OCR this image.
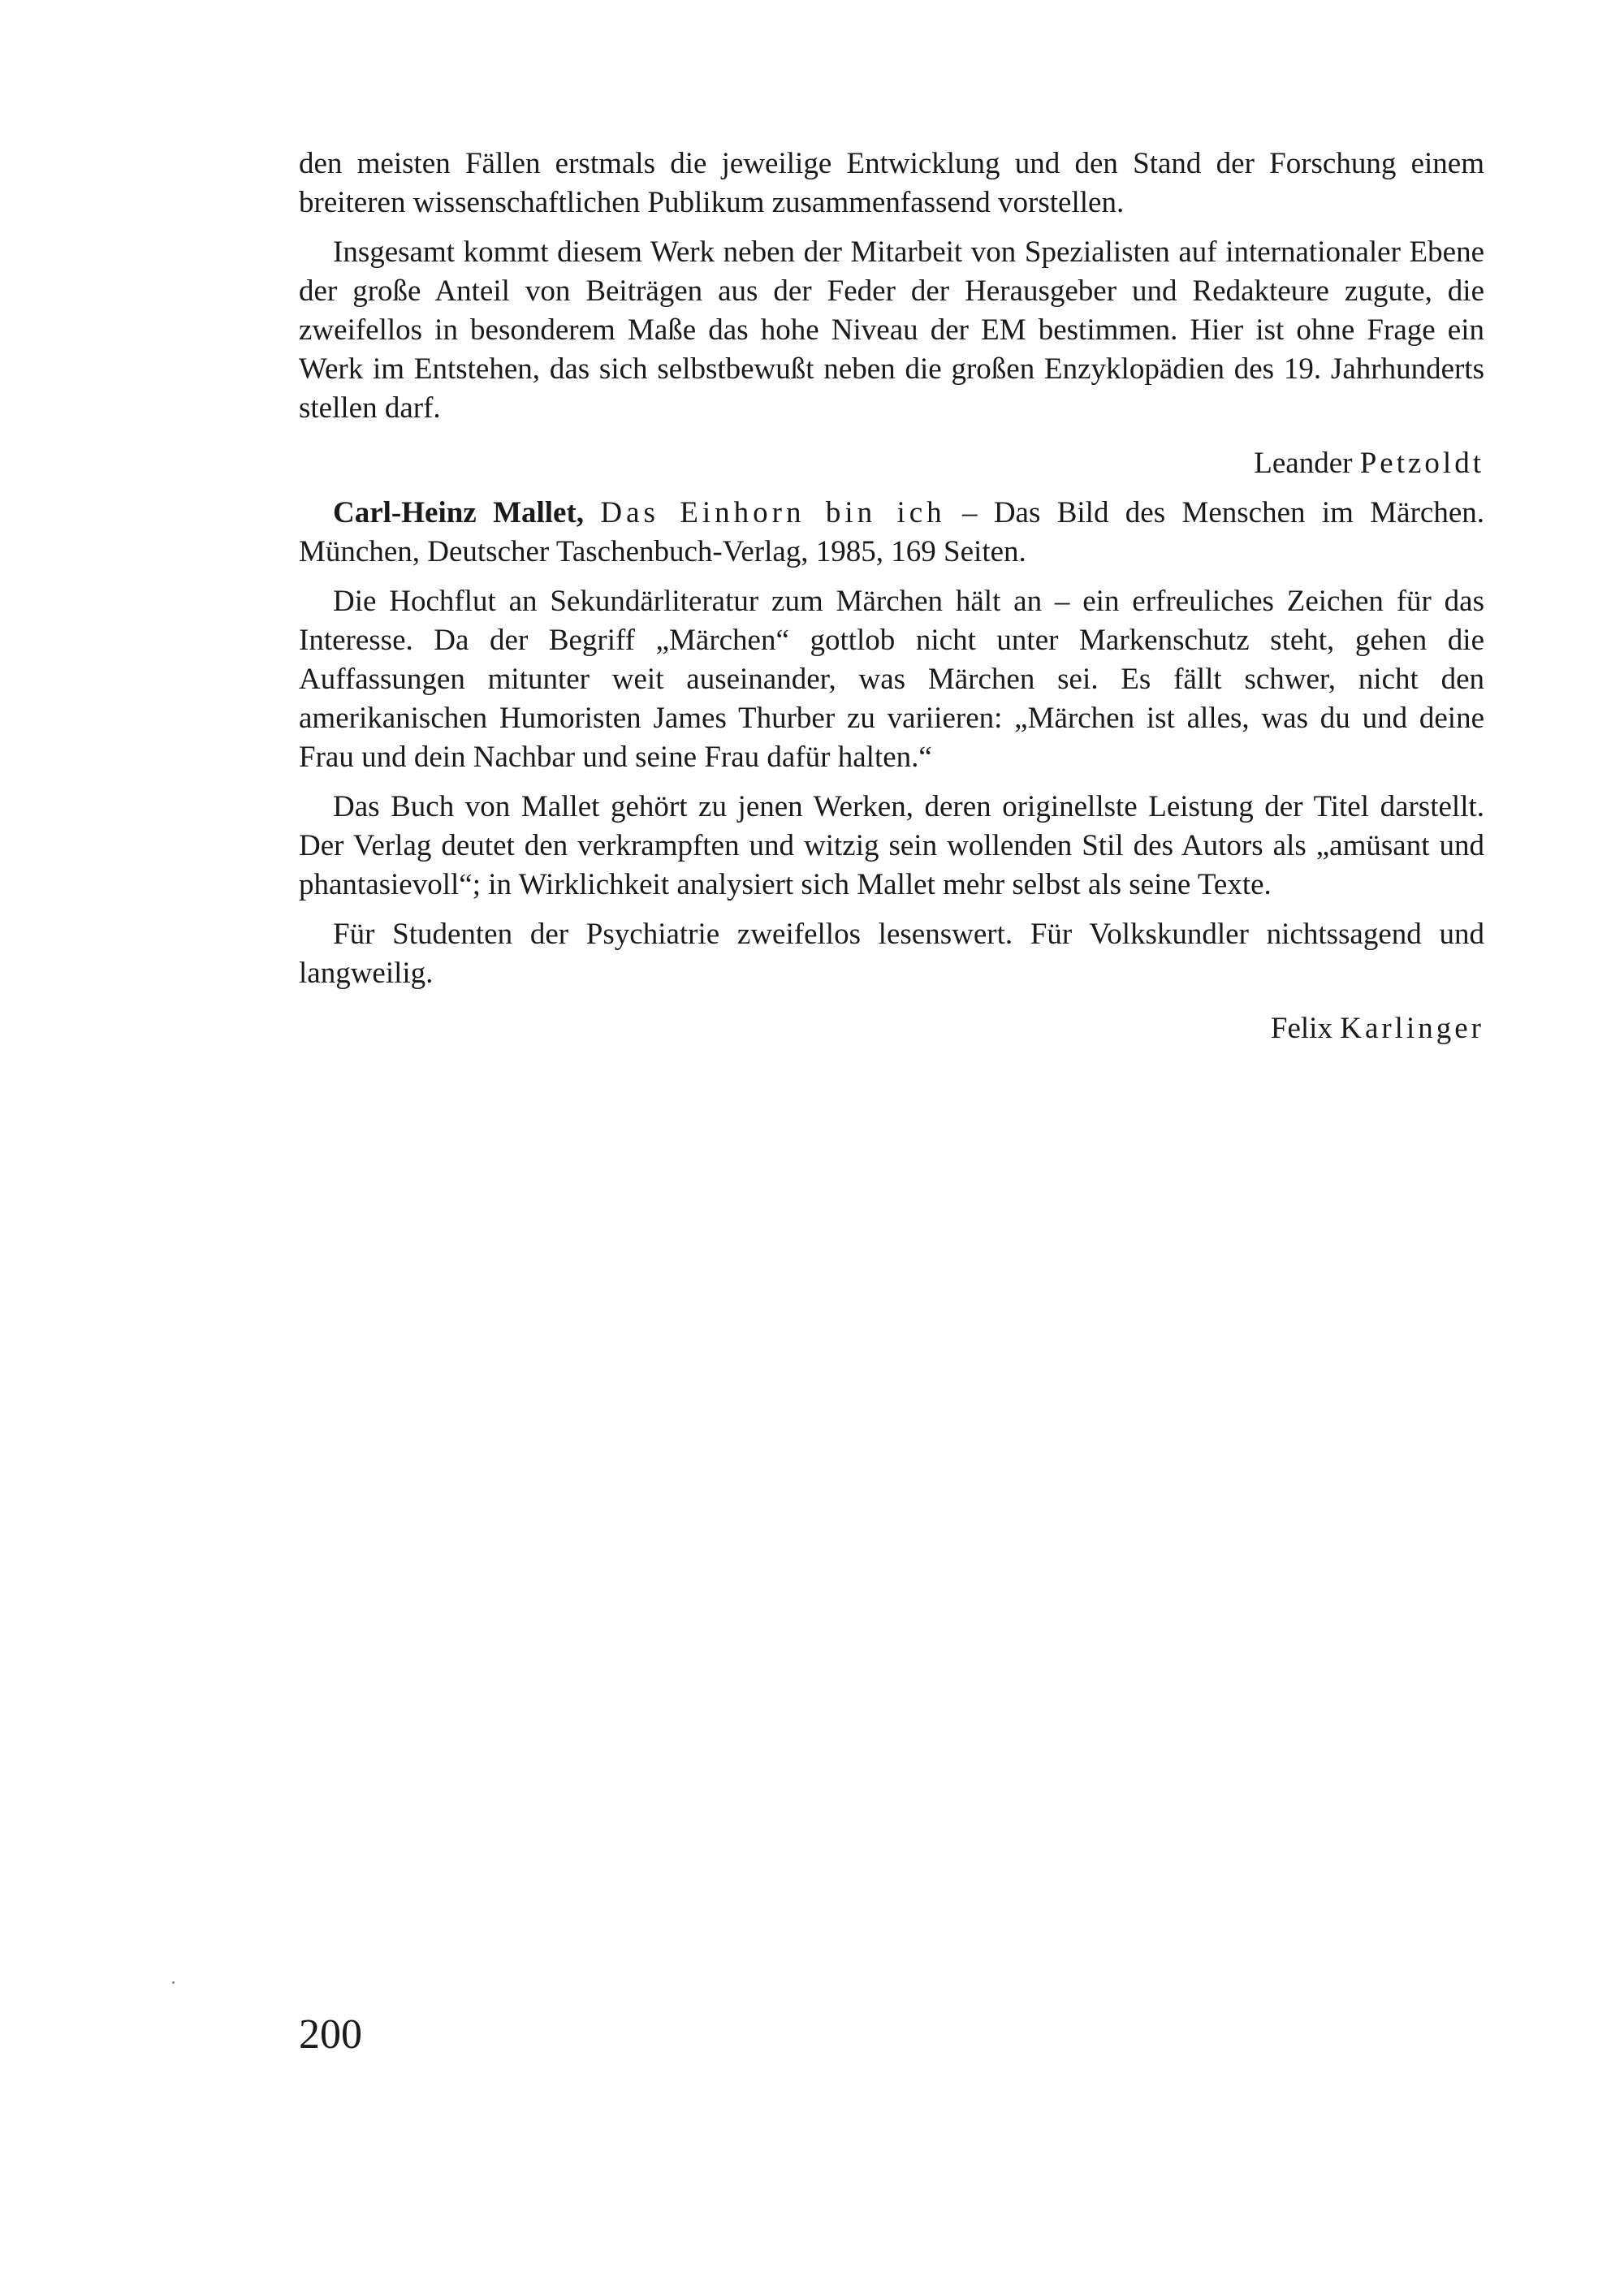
den meisten Fällen erstmals die jeweilige Entwicklung und den Stand der Forschung einem breiteren wissenschaftlichen Publikum zusammenfassend vorstellen.

Insgesamt kommt diesem Werk neben der Mitarbeit von Spezialisten auf internationaler Ebene der große Anteil von Beiträgen aus der Feder der Herausgeber und Redakteure zugute, die zweifellos in besonderem Maße das hohe Niveau der EM bestimmen. Hier ist ohne Frage ein Werk im Entstehen, das sich selbstbewußt neben die großen Enzyklopädien des 19. Jahrhunderts stellen darf.

Leander Petzoldt

Carl-Heinz Mallet, Das Einhorn bin ich – Das Bild des Menschen im Märchen. München, Deutscher Taschenbuch-Verlag, 1985, 169 Seiten.

Die Hochflut an Sekundärliteratur zum Märchen hält an – ein erfreuliches Zeichen für das Interesse. Da der Begriff „Märchen“ gottlob nicht unter Markenschutz steht, gehen die Auffassungen mitunter weit auseinander, was Märchen sei. Es fällt schwer, nicht den amerikanischen Humoristen James Thurber zu variieren: „Märchen ist alles, was du und deine Frau und dein Nachbar und seine Frau dafür halten.“

Das Buch von Mallet gehört zu jenen Werken, deren originellste Leistung der Titel darstellt. Der Verlag deutet den verkrampften und witzig sein wollenden Stil des Autors als „amüsant und phantasievoll“; in Wirklichkeit analysiert sich Mallet mehr selbst als seine Texte.

Für Studenten der Psychiatrie zweifellos lesenswert. Für Volkskundler nichtssagend und langweilig.

Felix Karlinger
200
